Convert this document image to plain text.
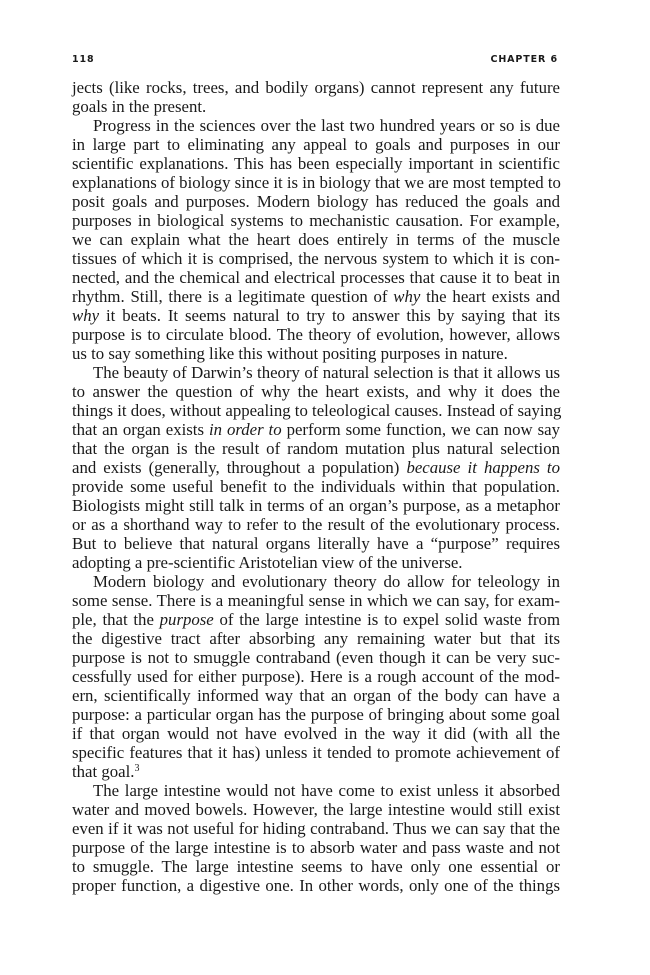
118	CHAPTER 6
jects (like rocks, trees, and bodily organs) cannot represent any future
goals in the present.
Progress in the sciences over the last two hundred years or so is due
in large part to eliminating any appeal to goals and purposes in our
scientific explanations. This has been especially important in scientific
explanations of biology since it is in biology that we are most tempted to
posit goals and purposes. Modern biology has reduced the goals and
purposes in biological systems to mechanistic causation. For example,
we can explain what the heart does entirely in terms of the muscle
tissues of which it is comprised, the nervous system to which it is con-
nected, and the chemical and electrical processes that cause it to beat in
rhythm. Still, there is a legitimate question of why the heart exists and
why it beats. It seems natural to try to answer this by saying that its
purpose is to circulate blood. The theory of evolution, however, allows
us to say something like this without positing purposes in nature.
The beauty of Darwin’s theory of natural selection is that it allows us
to answer the question of why the heart exists, and why it does the
things it does, without appealing to teleological causes. Instead of saying
that an organ exists in order to perform some function, we can now say
that the organ is the result of random mutation plus natural selection
and exists (generally, throughout a population) because it happens to
provide some useful benefit to the individuals within that population.
Biologists might still talk in terms of an organ’s purpose, as a metaphor
or as a shorthand way to refer to the result of the evolutionary process.
But to believe that natural organs literally have a “purpose” requires
adopting a pre-scientific Aristotelian view of the universe.
Modern biology and evolutionary theory do allow for teleology in
some sense. There is a meaningful sense in which we can say, for exam-
ple, that the purpose of the large intestine is to expel solid waste from
the digestive tract after absorbing any remaining water but that its
purpose is not to smuggle contraband (even though it can be very suc-
cessfully used for either purpose). Here is a rough account of the mod-
ern, scientifically informed way that an organ of the body can have a
purpose: a particular organ has the purpose of bringing about some goal
if that organ would not have evolved in the way it did (with all the
specific features that it has) unless it tended to promote achievement of
that goal.$^3$
The large intestine would not have come to exist unless it absorbed
water and moved bowels. However, the large intestine would still exist
even if it was not useful for hiding contraband. Thus we can say that the
purpose of the large intestine is to absorb water and pass waste and not
to smuggle. The large intestine seems to have only one essential or
proper function, a digestive one. In other words, only one of the things
